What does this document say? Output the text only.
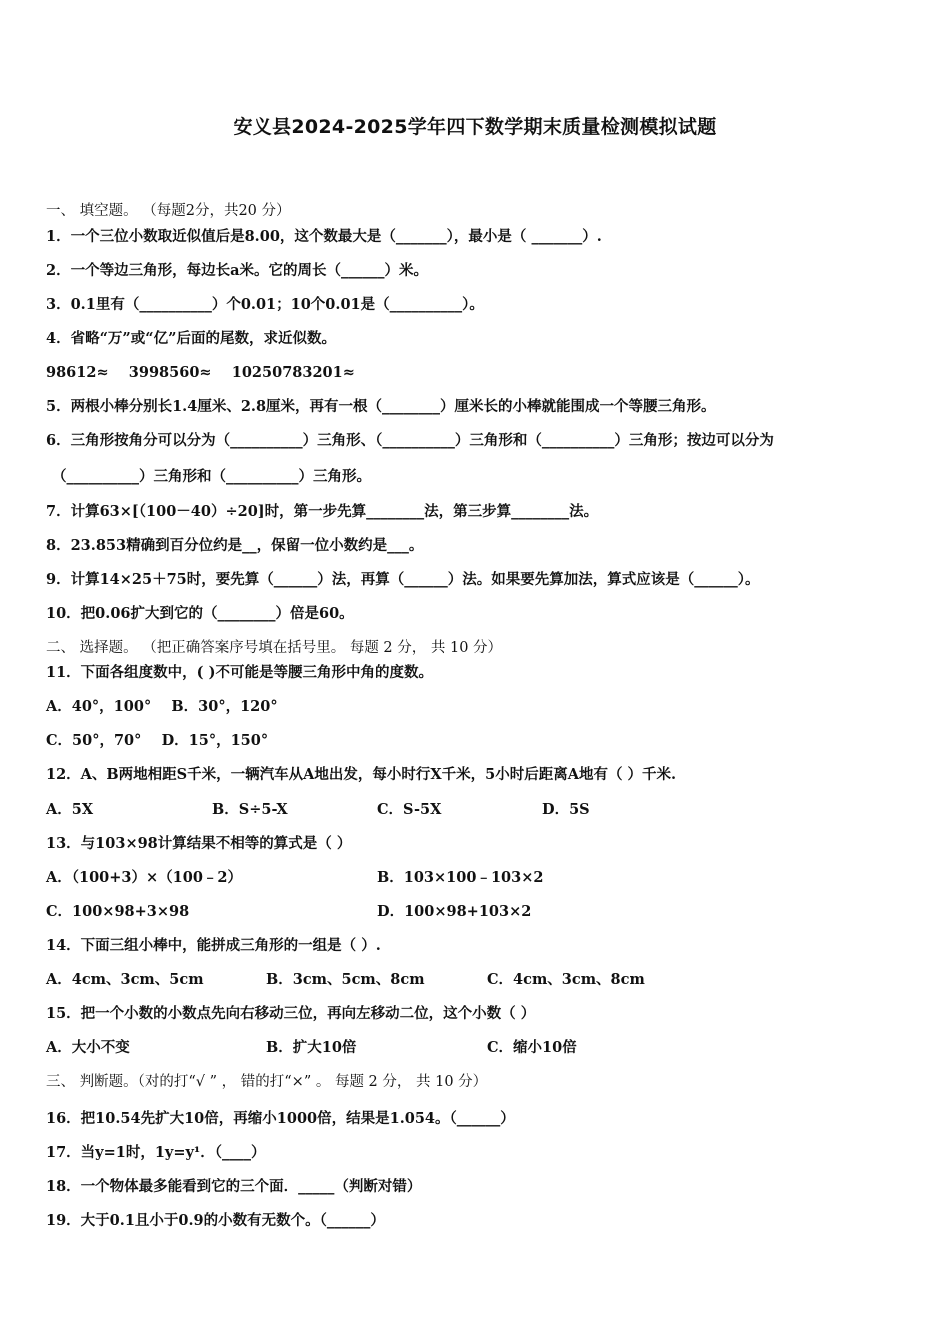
安义县2024-2025学年四下数学期末质量检测模拟试题
一、 填空题。 （每题2分，共20 分）
1．一个三位小数取近似值后是8.00，这个数最大是（_______），最小是（ _______）.
2．一个等边三角形，每边长a米。它的周长（______）米。
3．0.1里有（__________）个0.01；10个0.01是（__________）。
4．省略“万”或“亿”后面的尾数，求近似数。
98612≈    3998560≈    10250783201≈
5．两根小棒分别长1.4厘米、2.8厘米，再有一根（________）厘米长的小棒就能围成一个等腰三角形。
6．三角形按角分可以分为（__________）三角形、（__________）三角形和（__________）三角形；按边可以分为
（__________）三角形和（__________）三角形。
7．计算63×[（100－40）÷20]时，第一步先算________法，第三步算________法。
8．23.853精确到百分位约是__，保留一位小数约是___。
9．计算14×25＋75时，要先算（______）法，再算（______）法。如果要先算加法，算式应该是（______）。
10．把0.06扩大到它的（________）倍是60。
二、 选择题。 （把正确答案序号填在括号里。 每题 2 分， 共 10 分）
11．下面各组度数中，( )不可能是等腰三角形中角的度数。
A．40°，100°    B．30°，120°
C．50°，70°    D．15°，150°
12．A、B两地相距S千米，一辆汽车从A地出发，每小时行X千米，5小时后距离A地有（ ）千米.
A．5X	B．S÷5-X	C．S-5X	D．5S
13．与103×98计算结果不相等的算式是（ ）
A．（100+3）×（100﹣2）	B．103×100﹣103×2
C．100×98+3×98	D．100×98+103×2
14．下面三组小棒中，能拼成三角形的一组是（ ）.
A．4cm、3cm、5cm	B．3cm、5cm、8cm	C．4cm、3cm、8cm
15．把一个小数的小数点先向右移动三位，再向左移动二位，这个小数（ ）
A．大小不变	B．扩大10倍	C．缩小10倍
三、 判断题。（对的打“√ ” ， 错的打“×” 。 每题 2 分， 共 10 分）
16．把10.54先扩大10倍，再缩小1000倍，结果是1.054。（______）
17．当y=1时，1y=y¹．（____）
18．一个物体最多能看到它的三个面．_____（判断对错）
19．大于0.1且小于0.9的小数有无数个。（______）
